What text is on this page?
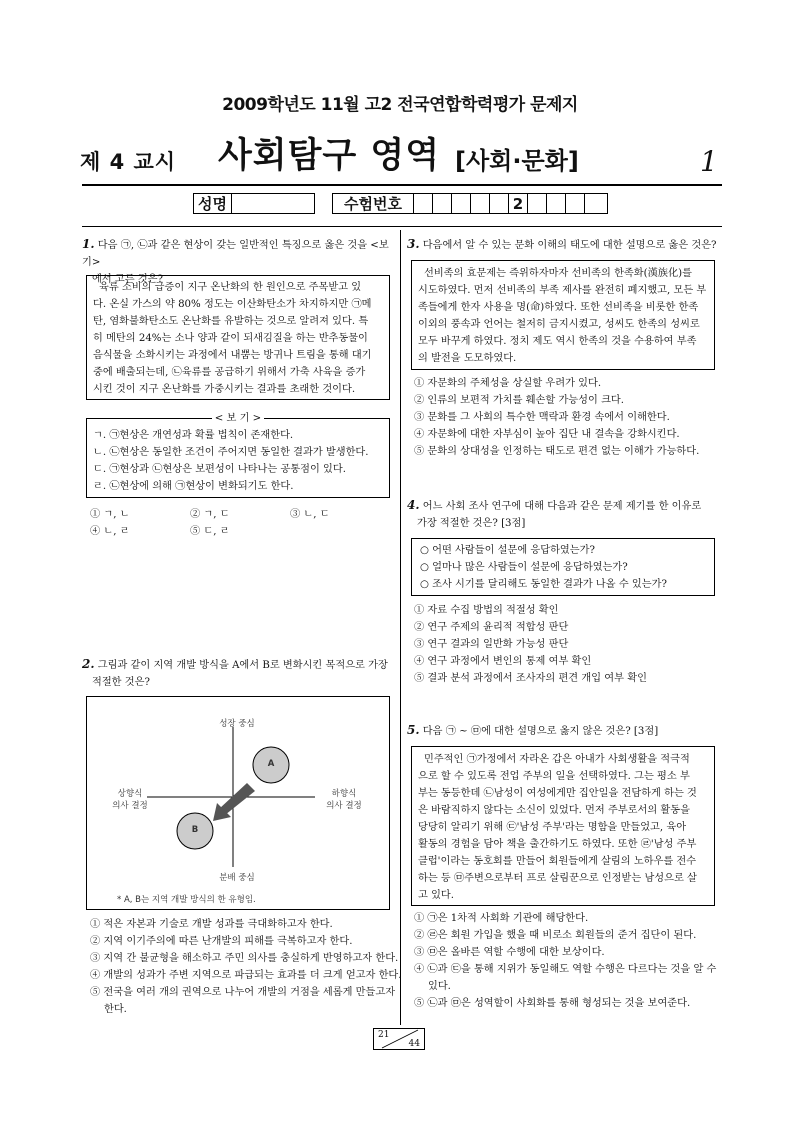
2009학년도 11월 고2 전국연합학력평가 문제지
제 4 교시 사회탐구 영역 [사회·문화]	1
성명	수험번호	2
1. 다음 ㉠, ㉡과 같은 현상이 갖는 일반적인 특징으로 옳은 것을 <보기>
에서 고른 것은?
육류 소비의 급증이 지구 온난화의 한 원인으로 주목받고 있
다. 온실 가스의 약 80% 정도는 이산화탄소가 차지하지만 ㉠메
탄, 염화불화탄소도 온난화를 유발하는 것으로 알려져 있다. 특
히 메탄의 24%는 소나 양과 같이 되새김질을 하는 반추동물이
음식물을 소화시키는 과정에서 내뿜는 방귀나 트림을 통해 대기
중에 배출되는데, ㉡육류를 공급하기 위해서 가축 사육을 증가
시킨 것이 지구 온난화를 가중시키는 결과를 초래한 것이다.
< 보 기 >
ㄱ. ㉠현상은 개연성과 확률 법칙이 존재한다.
ㄴ. ㉡현상은 동일한 조건이 주어지면 동일한 결과가 발생한다.
ㄷ. ㉠현상과 ㉡현상은 보편성이 나타나는 공통점이 있다.
ㄹ. ㉡현상에 의해 ㉠현상이 변화되기도 한다.
① ㄱ, ㄴ	② ㄱ, ㄷ	③ ㄴ, ㄷ
④ ㄴ, ㄹ	⑤ ㄷ, ㄹ
2. 그림과 같이 지역 개발 방식을 A에서 B로 변화시킨 목적으로 가장
적절한 것은?
성장 중심
분배 중심
상향식
의사 결정
하향식
의사 결정
A
B
* A, B는 지역 개발 방식의 한 유형임.
① 적은 자본과 기술로 개발 성과를 극대화하고자 한다.
② 지역 이기주의에 따른 난개발의 피해를 극복하고자 한다.
③ 지역 간 불균형을 해소하고 주민 의사를 충실하게 반영하고자 한다.
④ 개발의 성과가 주변 지역으로 파급되는 효과를 더 크게 얻고자 한다.
⑤ 전국을 여러 개의 권역으로 나누어 개발의 거점을 세롭게 만들고자
한다.
3. 다음에서 알 수 있는 문화 이해의 태도에 대한 설명으로 옳은 것은?
선비족의 효문제는 즉위하자마자 선비족의 한족화(漢族化)를
시도하였다. 먼저 선비족의 부족 제사를 완전히 폐지했고, 모든 부
족들에게 한자 사용을 명(命)하였다. 또한 선비족을 비롯한 한족
이외의 풍속과 언어는 철저히 금지시켰고, 성씨도 한족의 성씨로
모두 바꾸게 하였다. 정치 제도 역시 한족의 것을 수용하여 부족
의 발전을 도모하였다.
① 자문화의 주체성을 상실할 우려가 있다.
② 인류의 보편적 가치를 훼손할 가능성이 크다.
③ 문화를 그 사회의 특수한 맥락과 환경 속에서 이해한다.
④ 자문화에 대한 자부심이 높아 집단 내 결속을 강화시킨다.
⑤ 문화의 상대성을 인정하는 태도로 편견 없는 이해가 가능하다.
4. 어느 사회 조사 연구에 대해 다음과 같은 문제 제기를 한 이유로
가장 적절한 것은? [3점]
○ 어떤 사람들이 설문에 응답하였는가?
○ 얼마나 많은 사람들이 설문에 응답하였는가?
○ 조사 시기를 달리해도 동일한 결과가 나올 수 있는가?
① 자료 수집 방법의 적절성 확인
② 연구 주제의 윤리적 적합성 판단
③ 연구 결과의 일반화 가능성 판단
④ 연구 과정에서 변인의 통제 여부 확인
⑤ 결과 분석 과정에서 조사자의 편견 개입 여부 확인
5. 다음 ㉠ ~ ㉤에 대한 설명으로 옳지 않은 것은? [3점]
민주적인 ㉠가정에서 자라온 갑은 아내가 사회생활을 적극적
으로 할 수 있도록 전업 주부의 일을 선택하였다. 그는 평소 부
부는 동등한데 ㉡남성이 여성에게만 집안일을 전담하게 하는 것
은 바람직하지 않다는 소신이 있었다. 먼저 주부로서의 활동을
당당히 알리기 위해 ㉢'남성 주부'라는 명함을 만들었고, 육아
활동의 경험을 담아 책을 출간하기도 하였다. 또한 ㉣'남성 주부
클럽'이라는 동호회를 만들어 회원들에게 살림의 노하우를 전수
하는 등 ㉤주변으로부터 프로 살림꾼으로 인정받는 남성으로 살
고 있다.
① ㉠은 1차적 사회화 기관에 해당한다.
② ㉣은 회원 가입을 했을 때 비로소 회원들의 준거 집단이 된다.
③ ㉤은 올바른 역할 수행에 대한 보상이다.
④ ㉡과 ㉢을 통해 지위가 동일해도 역할 수행은 다르다는 것을 알 수
있다.
⑤ ㉡과 ㉤은 성역할이 사회화를 통해 형성되는 것을 보여준다.
21
44
